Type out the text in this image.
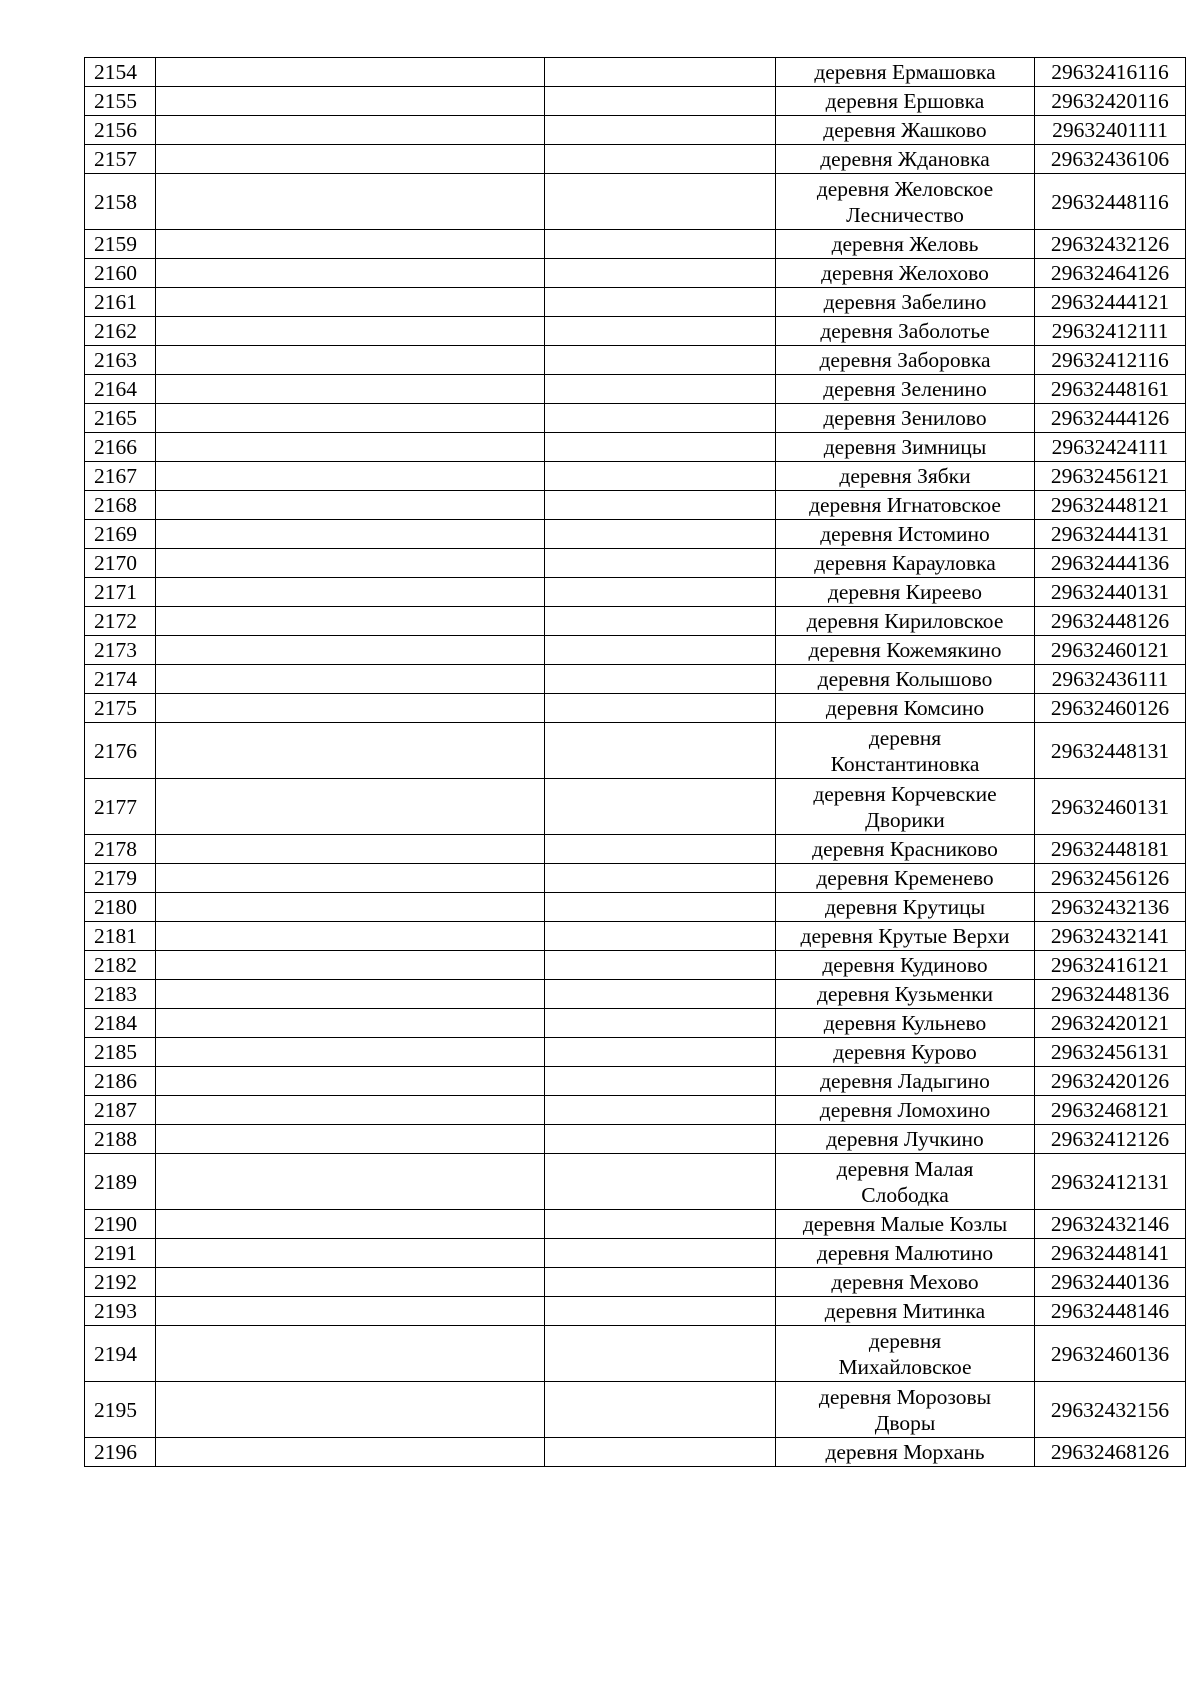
2154			деревня Ермашовка	29632416116
2155			деревня Ершовка	29632420116
2156			деревня Жашково	29632401111
2157			деревня Ждановка	29632436106
2158			деревня Желовское
Лесничество	29632448116
2159			деревня Желовь	29632432126
2160			деревня Желохово	29632464126
2161			деревня Забелино	29632444121
2162			деревня Заболотье	29632412111
2163			деревня Заборовка	29632412116
2164			деревня Зеленино	29632448161
2165			деревня Зенилово	29632444126
2166			деревня Зимницы	29632424111
2167			деревня Зябки	29632456121
2168			деревня Игнатовское	29632448121
2169			деревня Истомино	29632444131
2170			деревня Карауловка	29632444136
2171			деревня Киреево	29632440131
2172			деревня Кириловское	29632448126
2173			деревня Кожемякино	29632460121
2174			деревня Колышово	29632436111
2175			деревня Комсино	29632460126
2176			деревня
Константиновка	29632448131
2177			деревня Корчевские
Дворики	29632460131
2178			деревня Красниково	29632448181
2179			деревня Кременево	29632456126
2180			деревня Крутицы	29632432136
2181			деревня Крутые Верхи	29632432141
2182			деревня Кудиново	29632416121
2183			деревня Кузьменки	29632448136
2184			деревня Кульнево	29632420121
2185			деревня Курово	29632456131
2186			деревня Ладыгино	29632420126
2187			деревня Ломохино	29632468121
2188			деревня Лучкино	29632412126
2189			деревня Малая
Слободка	29632412131
2190			деревня Малые Козлы	29632432146
2191			деревня Малютино	29632448141
2192			деревня Мехово	29632440136
2193			деревня Митинка	29632448146
2194			деревня
Михайловское	29632460136
2195			деревня Морозовы
Дворы	29632432156
2196			деревня Морхань	29632468126
